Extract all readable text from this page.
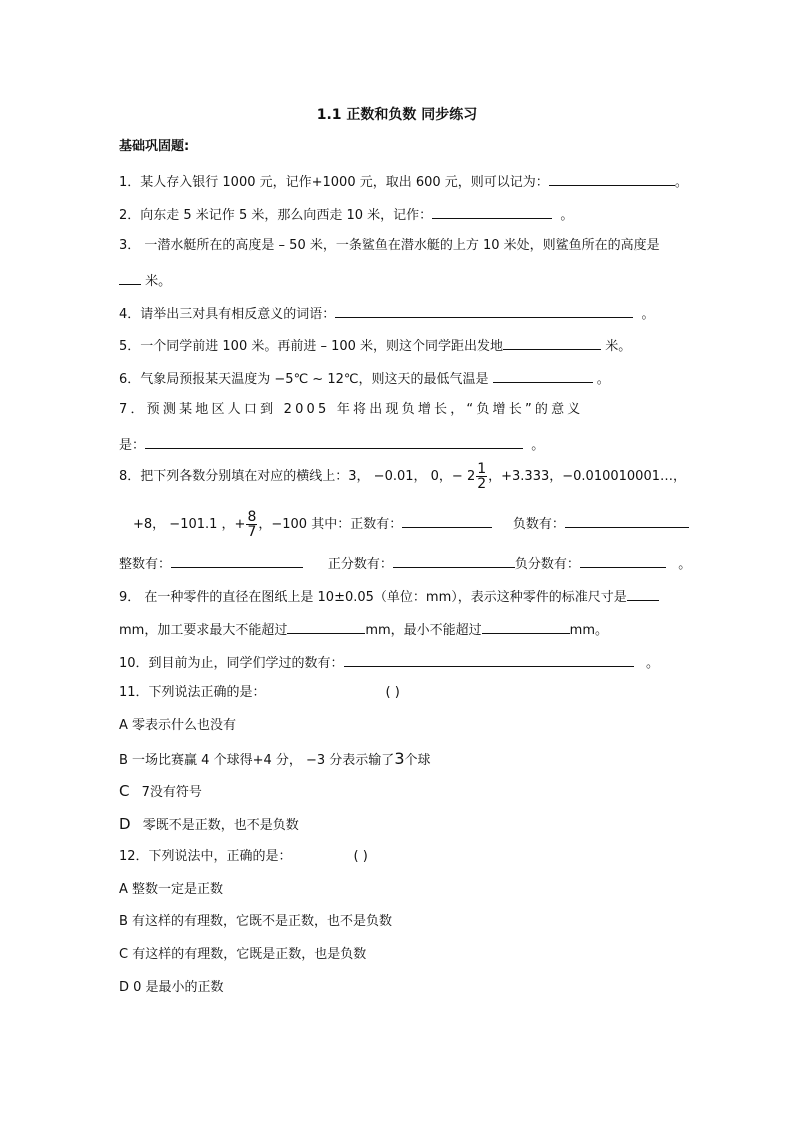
1.1 正数和负数 同步练习
基础巩固题:
1．某人存入银行 1000 元，记作+1000 元，取出 600 元，则可以记为：	。
2．向东走 5 米记作 5 米，那么向西走 10 米，记作：	。
3． 一潜水艇所在的高度是 – 50 米，一条鲨鱼在潜水艇的上方 10 米处，则鲨鱼所在的高度是
米。
4．请举出三对具有相反意义的词语：	。
5．一个同学前进 100 米。再前进 – 100 米，则这个同学距出发地	米。
6．气象局预报某天温度为 −5℃ ~ 12℃，则这天的最低气温是	。
7．预测某地区人口到 2005 年将出现负增长，“负增长”的意义
是：	。
8．把下列各数分别填在对应的横线上：3， −0.01， 0，− $2 \frac{1}{2}$ ，+3.333，−0.010010001…，
+8， −101.1 ，+ $\frac{8}{7}$ ，−100 其中：正数有：	负数有：
整数有：	正分数有：	负分数有：	。
9． 在一种零件的直径在图纸上是 10±0.05（单位：mm），表示这种零件的标准尺寸是
mm，加工要求最大不能超过	mm，最小不能超过	mm。
10．到目前为止，同学们学过的数有：	。
11．下列说法正确的是：	( )
A 零表示什么也没有
B 一场比赛赢 4 个球得+4 分， −3 分表示输了3个球
C 7没有符号
D 零既不是正数，也不是负数
12．下列说法中，正确的是：	( )
A 整数一定是正数
B 有这样的有理数，它既不是正数，也不是负数
C 有这样的有理数，它既是正数，也是负数
D 0 是最小的正数
